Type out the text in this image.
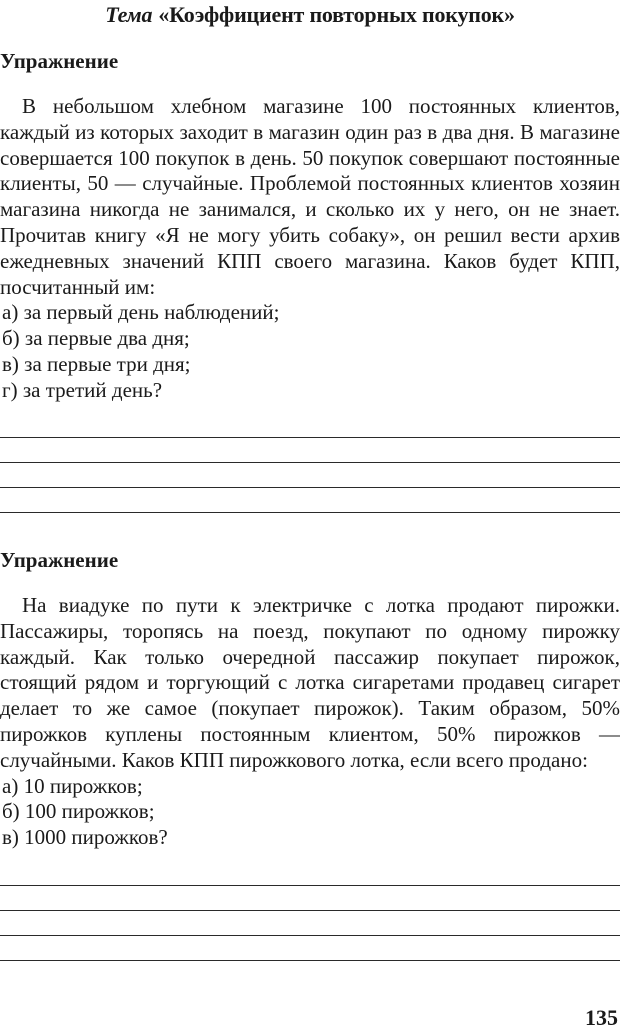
Тема «Коэффициент повторных покупок»

Упражнение

В небольшом хлебном магазине 100 постоянных клиентов, каждый из которых заходит в магазин один раз в два дня. В магазине совершается 100 покупок в день. 50 покупок совершают постоянные клиенты, 50 — случайные. Проблемой постоянных клиентов хозяин магазина никогда не занимался, и сколько их у него, он не знает. Прочитав книгу «Я не могу убить собаку», он решил вести архив ежедневных значений КПП своего магазина. Каков будет КПП, посчитанный им:

а) за первый день наблюдений;
б) за первые два дня;
в) за первые три дня;
г) за третий день?

Упражнение

На виадуке по пути к электричке с лотка продают пирожки. Пассажиры, торопясь на поезд, покупают по одному пирожку каждый. Как только очередной пассажир покупает пирожок, стоящий рядом и торгующий с лотка сигаретами продавец сигарет делает то же самое (покупает пирожок). Таким образом, 50% пирожков куплены постоянным клиентом, 50% пирожков — случайными. Каков КПП пирожкового лотка, если всего продано:

а) 10 пирожков;
б) 100 пирожков;
в) 1000 пирожков?
135
